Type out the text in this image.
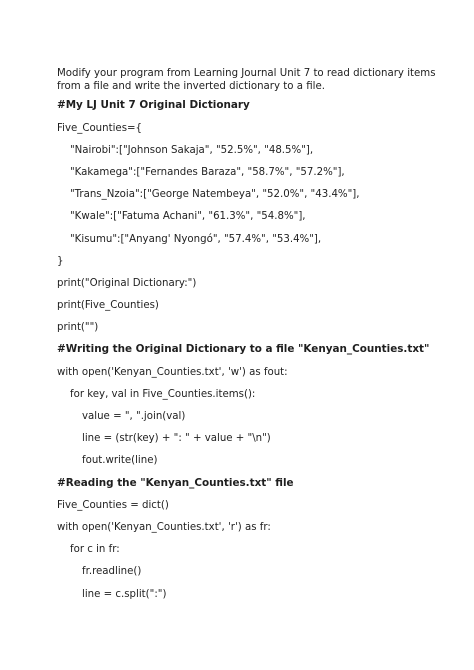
Modify your program from Learning Journal Unit 7 to read dictionary items from a file and write the inverted dictionary to a file.
#My LJ Unit 7 Original Dictionary
Five_Counties={
"Nairobi":["Johnson Sakaja", "52.5%", "48.5%"],
"Kakamega":["Fernandes Baraza", "58.7%", "57.2%"],
"Trans_Nzoia":["George Natembeya", "52.0%", "43.4%"],
"Kwale":["Fatuma Achani", "61.3%", "54.8%"],
"Kisumu":["Anyang' Nyongó", "57.4%", "53.4%"],
}
print("Original Dictionary:")
print(Five_Counties)
print("")
#Writing the Original Dictionary to a file "Kenyan_Counties.txt"
with open('Kenyan_Counties.txt', 'w') as fout:
for key, val in Five_Counties.items():
value = ", ".join(val)
line = (str(key) + ": " + value + "\n")
fout.write(line)
#Reading the "Kenyan_Counties.txt" file
Five_Counties = dict()
with open('Kenyan_Counties.txt', 'r') as fr:
for c in fr:
fr.readline()
line = c.split(":")
